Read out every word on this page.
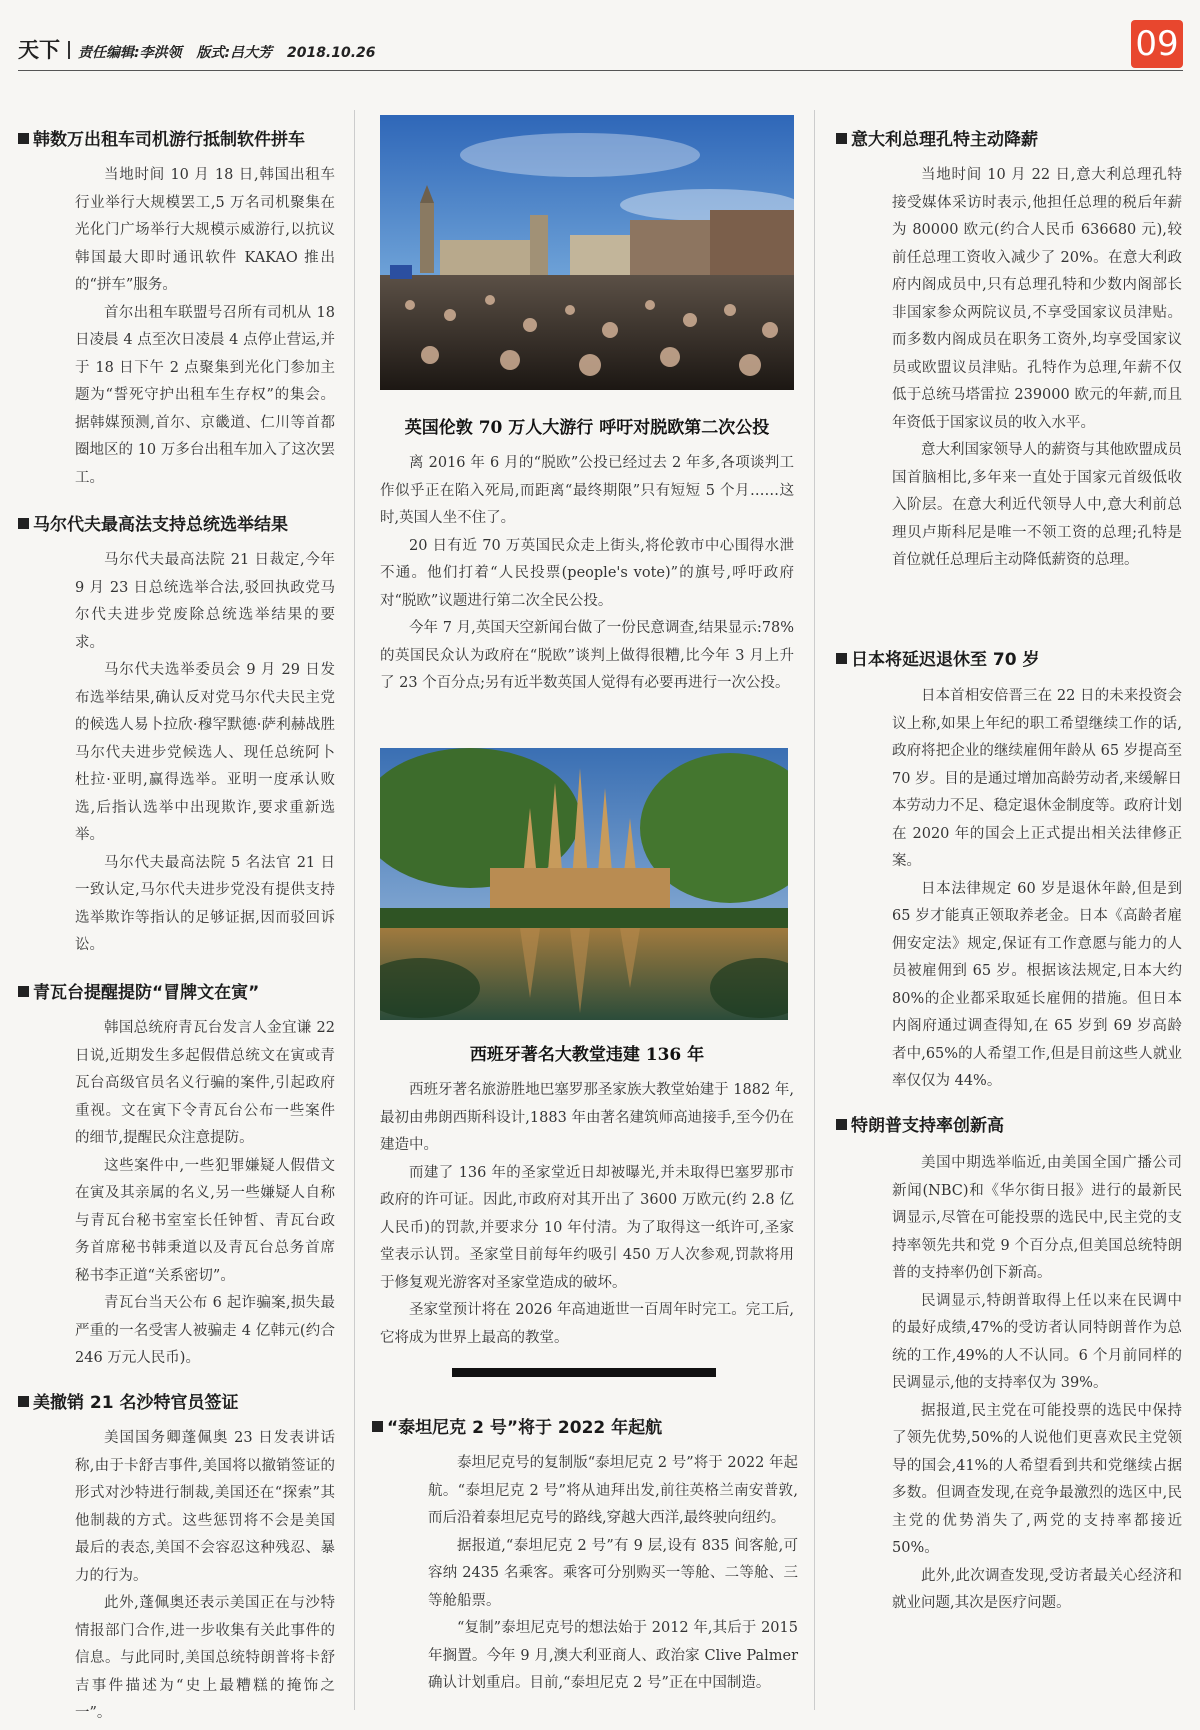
天下 责任编辑:李洪领 版式:吕大芳 2018.10.26	09
韩数万出租车司机游行抵制软件拼车

当地时间 10 月 18 日,韩国出租车行业举行大规模罢工,5 万名司机聚集在光化门广场举行大规模示威游行,以抗议韩国最大即时通讯软件 KAKAO 推出的“拼车”服务。

首尔出租车联盟号召所有司机从 18 日凌晨 4 点至次日凌晨 4 点停止营运,并于 18 日下午 2 点聚集到光化门参加主题为“誓死守护出租车生存权”的集会。据韩媒预测,首尔、京畿道、仁川等首都圈地区的 10 万多台出租车加入了这次罢工。

马尔代夫最高法支持总统选举结果

马尔代夫最高法院 21 日裁定,今年 9 月 23 日总统选举合法,驳回执政党马尔代夫进步党废除总统选举结果的要求。

马尔代夫选举委员会 9 月 29 日发布选举结果,确认反对党马尔代夫民主党的候选人易卜拉欣·穆罕默德·萨利赫战胜马尔代夫进步党候选人、现任总统阿卜杜拉·亚明,赢得选举。亚明一度承认败选,后指认选举中出现欺诈,要求重新选举。

马尔代夫最高法院 5 名法官 21 日一致认定,马尔代夫进步党没有提供支持选举欺诈等指认的足够证据,因而驳回诉讼。

青瓦台提醒提防“冒牌文在寅”

韩国总统府青瓦台发言人金宜谦 22 日说,近期发生多起假借总统文在寅或青瓦台高级官员名义行骗的案件,引起政府重视。文在寅下令青瓦台公布一些案件的细节,提醒民众注意提防。

这些案件中,一些犯罪嫌疑人假借文在寅及其亲属的名义,另一些嫌疑人自称与青瓦台秘书室室长任钟皙、青瓦台政务首席秘书韩秉道以及青瓦台总务首席秘书李正道“关系密切”。

青瓦台当天公布 6 起诈骗案,损失最严重的一名受害人被骗走 4 亿韩元(约合 246 万元人民币)。

美撤销 21 名沙特官员签证

美国国务卿蓬佩奥 23 日发表讲话称,由于卡舒吉事件,美国将以撤销签证的形式对沙特进行制裁,美国还在“探索”其他制裁的方式。这些惩罚将不会是美国最后的表态,美国不会容忍这种残忍、暴力的行为。

此外,蓬佩奥还表示美国正在与沙特情报部门合作,进一步收集有关此事件的信息。与此同时,美国总统特朗普将卡舒吉事件描述为“史上最糟糕的掩饰之一”。

英国伦敦 70 万人大游行 呼吁对脱欧第二次公投

离 2016 年 6 月的“脱欧”公投已经过去 2 年多,各项谈判工作似乎正在陷入死局,而距离“最终期限”只有短短 5 个月……这时,英国人坐不住了。

20 日有近 70 万英国民众走上街头,将伦敦市中心围得水泄不通。他们打着“人民投票(people's vote)”的旗号,呼吁政府对“脱欧”议题进行第二次全民公投。

今年 7 月,英国天空新闻台做了一份民意调查,结果显示:78%的英国民众认为政府在“脱欧”谈判上做得很糟,比今年 3 月上升了 23 个百分点;另有近半数英国人觉得有必要再进行一次公投。

西班牙著名大教堂违建 136 年

西班牙著名旅游胜地巴塞罗那圣家族大教堂始建于 1882 年,最初由弗朗西斯科设计,1883 年由著名建筑师高迪接手,至今仍在建造中。

而建了 136 年的圣家堂近日却被曝光,并未取得巴塞罗那市政府的许可证。因此,市政府对其开出了 3600 万欧元(约 2.8 亿人民币)的罚款,并要求分 10 年付清。为了取得这一纸许可,圣家堂表示认罚。圣家堂目前每年约吸引 450 万人次参观,罚款将用于修复观光游客对圣家堂造成的破坏。

圣家堂预计将在 2026 年高迪逝世一百周年时完工。完工后,它将成为世界上最高的教堂。

“泰坦尼克 2 号”将于 2022 年起航

泰坦尼克号的复制版“泰坦尼克 2 号”将于 2022 年起航。“泰坦尼克 2 号”将从迪拜出发,前往英格兰南安普敦,而后沿着泰坦尼克号的路线,穿越大西洋,最终驶向纽约。

据报道,“泰坦尼克 2 号”有 9 层,设有 835 间客舱,可容纳 2435 名乘客。乘客可分别购买一等舱、二等舱、三等舱船票。

“复制”泰坦尼克号的想法始于 2012 年,其后于 2015 年搁置。今年 9 月,澳大利亚商人、政治家 Clive Palmer 确认计划重启。目前,“泰坦尼克 2 号”正在中国制造。

意大利总理孔特主动降薪

当地时间 10 月 22 日,意大利总理孔特接受媒体采访时表示,他担任总理的税后年薪为 80000 欧元(约合人民币 636680 元),较前任总理工资收入减少了 20%。在意大利政府内阁成员中,只有总理孔特和少数内阁部长非国家参众两院议员,不享受国家议员津贴。而多数内阁成员在职务工资外,均享受国家议员或欧盟议员津贴。孔特作为总理,年薪不仅低于总统马塔雷拉 239000 欧元的年薪,而且年资低于国家议员的收入水平。

意大利国家领导人的薪资与其他欧盟成员国首脑相比,多年来一直处于国家元首级低收入阶层。在意大利近代领导人中,意大利前总理贝卢斯科尼是唯一不领工资的总理;孔特是首位就任总理后主动降低薪资的总理。

日本将延迟退休至 70 岁

日本首相安倍晋三在 22 日的未来投资会议上称,如果上年纪的职工希望继续工作的话,政府将把企业的继续雇佣年龄从 65 岁提高至 70 岁。目的是通过增加高龄劳动者,来缓解日本劳动力不足、稳定退休金制度等。政府计划在 2020 年的国会上正式提出相关法律修正案。

日本法律规定 60 岁是退休年龄,但是到 65 岁才能真正领取养老金。日本《高龄者雇佣安定法》规定,保证有工作意愿与能力的人员被雇佣到 65 岁。根据该法规定,日本大约 80%的企业都采取延长雇佣的措施。但日本内阁府通过调查得知,在 65 岁到 69 岁高龄者中,65%的人希望工作,但是目前这些人就业率仅仅为 44%。

特朗普支持率创新高

美国中期选举临近,由美国全国广播公司新闻(NBC)和《华尔街日报》进行的最新民调显示,尽管在可能投票的选民中,民主党的支持率领先共和党 9 个百分点,但美国总统特朗普的支持率仍创下新高。

民调显示,特朗普取得上任以来在民调中的最好成绩,47%的受访者认同特朗普作为总统的工作,49%的人不认同。6 个月前同样的民调显示,他的支持率仅为 39%。

据报道,民主党在可能投票的选民中保持了领先优势,50%的人说他们更喜欢民主党领导的国会,41%的人希望看到共和党继续占据多数。但调查发现,在竞争最激烈的选区中,民主党的优势消失了,两党的支持率都接近 50%。

此外,此次调查发现,受访者最关心经济和就业问题,其次是医疗问题。
